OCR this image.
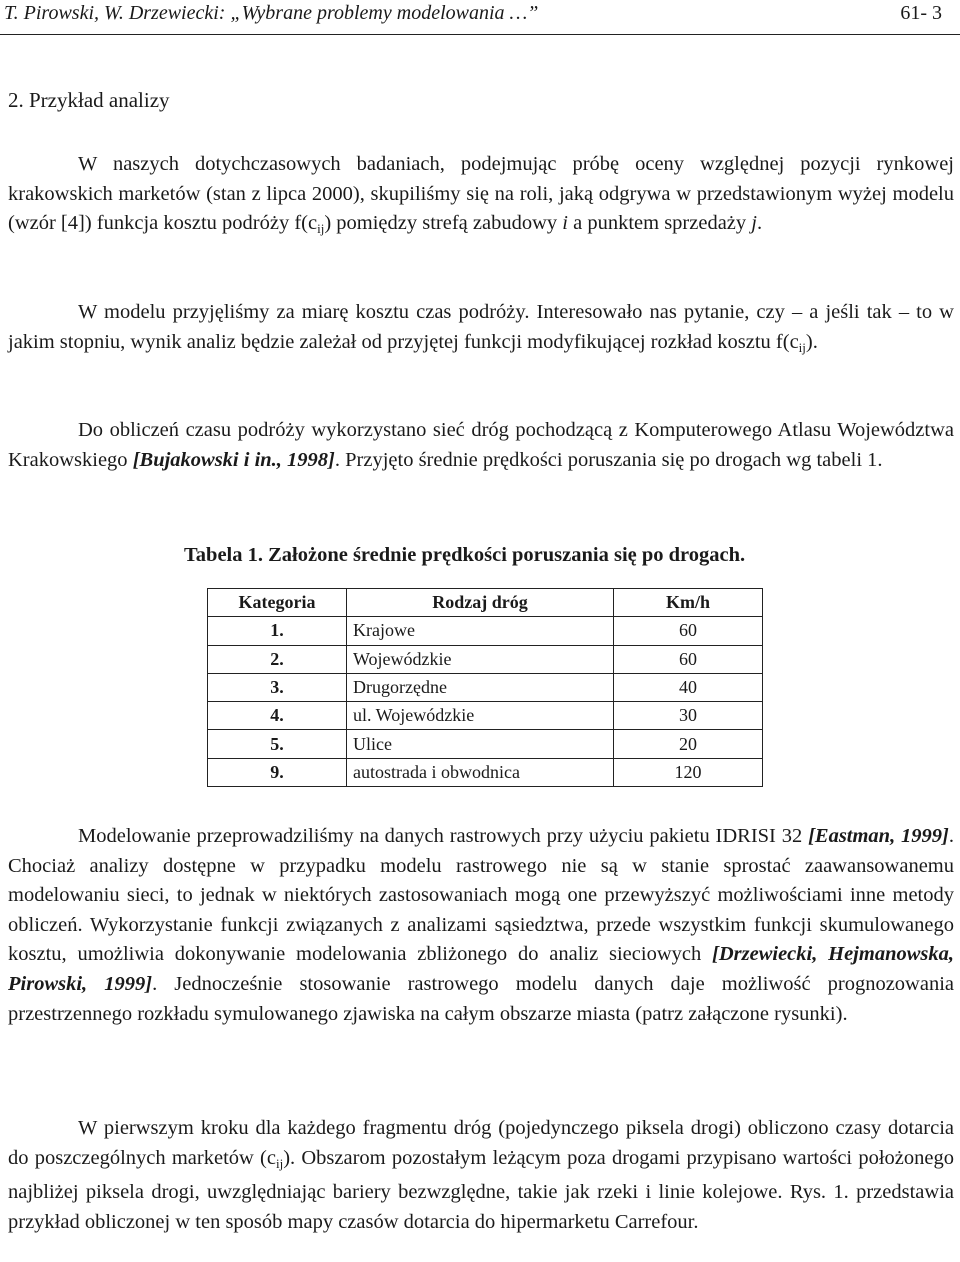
T. Pirowski, W. Drzewiecki: „Wybrane problemy modelowania …”	61- 3
2. Przykład analizy

W naszych dotychczasowych badaniach, podejmując próbę oceny względnej pozycji rynkowej krakowskich marketów (stan z lipca 2000), skupiliśmy się na roli, jaką odgrywa w przedstawionym wyżej modelu (wzór [4]) funkcja kosztu podróży $f(c_{ij})$ pomiędzy strefą zabudowy i a punktem sprzedaży j.

W modelu przyjęliśmy za miarę kosztu czas podróży. Interesowało nas pytanie, czy – a jeśli tak – to w jakim stopniu, wynik analiz będzie zależał od przyjętej funkcji modyfikującej rozkład kosztu $f(c_{ij})$.

Do obliczeń czasu podróży wykorzystano sieć dróg pochodzącą z Komputerowego Atlasu Województwa Krakowskiego [Bujakowski i in., 1998]. Przyjęto średnie prędkości poruszania się po drogach wg tabeli 1.

Tabela 1. Założone średnie prędkości poruszania się po drogach.
Kategoria	Rodzaj dróg	Km/h
1.	Krajowe	60
2.	Wojewódzkie	60
3.	Drugorzędne	40
4.	ul. Wojewódzkie	30
5.	Ulice	20
9.	autostrada i obwodnica	120

Modelowanie przeprowadziliśmy na danych rastrowych przy użyciu pakietu IDRISI 32 [Eastman, 1999]. Chociaż analizy dostępne w przypadku modelu rastrowego nie są w stanie sprostać zaawansowanemu modelowaniu sieci, to jednak w niektórych zastosowaniach mogą one przewyższyć możliwościami inne metody obliczeń. Wykorzystanie funkcji związanych z analizami sąsiedztwa, przede wszystkim funkcji skumulowanego kosztu, umożliwia dokonywanie modelowania zbliżonego do analiz sieciowych [Drzewiecki, Hejmanowska, Pirowski, 1999]. Jednocześnie stosowanie rastrowego modelu danych daje możliwość prognozowania przestrzennego rozkładu symulowanego zjawiska na całym obszarze miasta (patrz załączone rysunki).

W pierwszym kroku dla każdego fragmentu dróg (pojedynczego piksela drogi) obliczono czasy dotarcia do poszczególnych marketów $(c_{ij})$. Obszarom pozostałym leżącym poza drogami przypisano wartości położonego najbliżej piksela drogi, uwzględniając bariery bezwzględne, takie jak rzeki i linie kolejowe. Rys. 1. przedstawia przykład obliczonej w ten sposób mapy czasów dotarcia do hipermarketu Carrefour.
